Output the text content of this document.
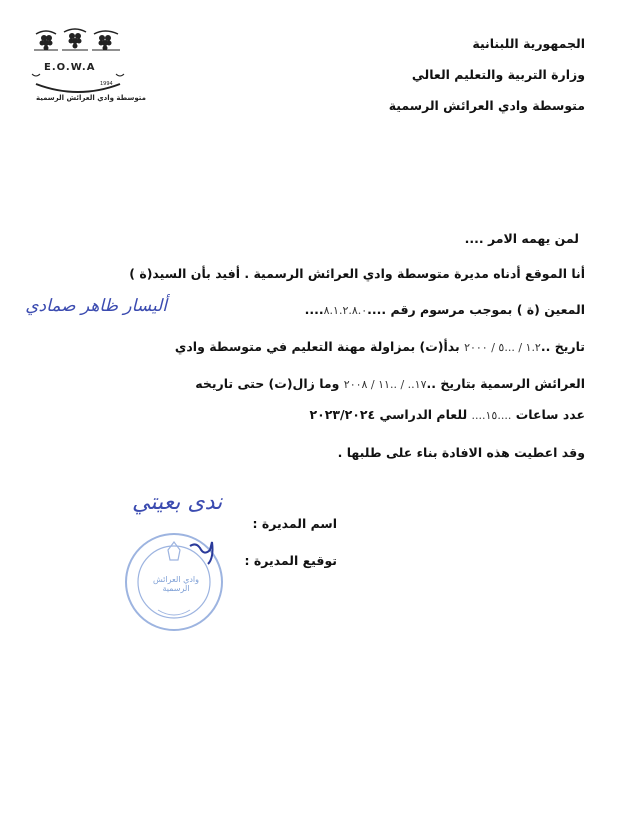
E.O.W.A
1994
متوسطة وادي العرائش الرسمية
الجمهورية اللبنانية
وزارة التربية والتعليم العالي
متوسطة وادي العرائش الرسمية
لمن يهمه الامر ....
أنا الموقع أدناه مديرة متوسطة وادي العرائش الرسمية . أفيد بأن السيد(ة )
المعين (ة ) بموجب مرسوم رقم ....٨.١.٢.٨.٠....
أليسار ظاهر صمادي
تاريخ ..١.٢ / ...٥ / ٢٠٠٠ بدأ(ت) بمزاولة مهنة التعليم في متوسطة وادي
العرائش الرسمية بتاريخ ..١٧.. / ..١١ / ٢٠٠٨ وما زال(ت) حتى تاريخه
عدد ساعات ....١٥.... للعام الدراسي ٢٠٢٣/٢٠٢٤
وقد اعطيت هذه الافادة بناء على طلبها .
اسم المديرة :
ندى بعيتي
توقيع المديرة :
وادي العرائش الرسمية
